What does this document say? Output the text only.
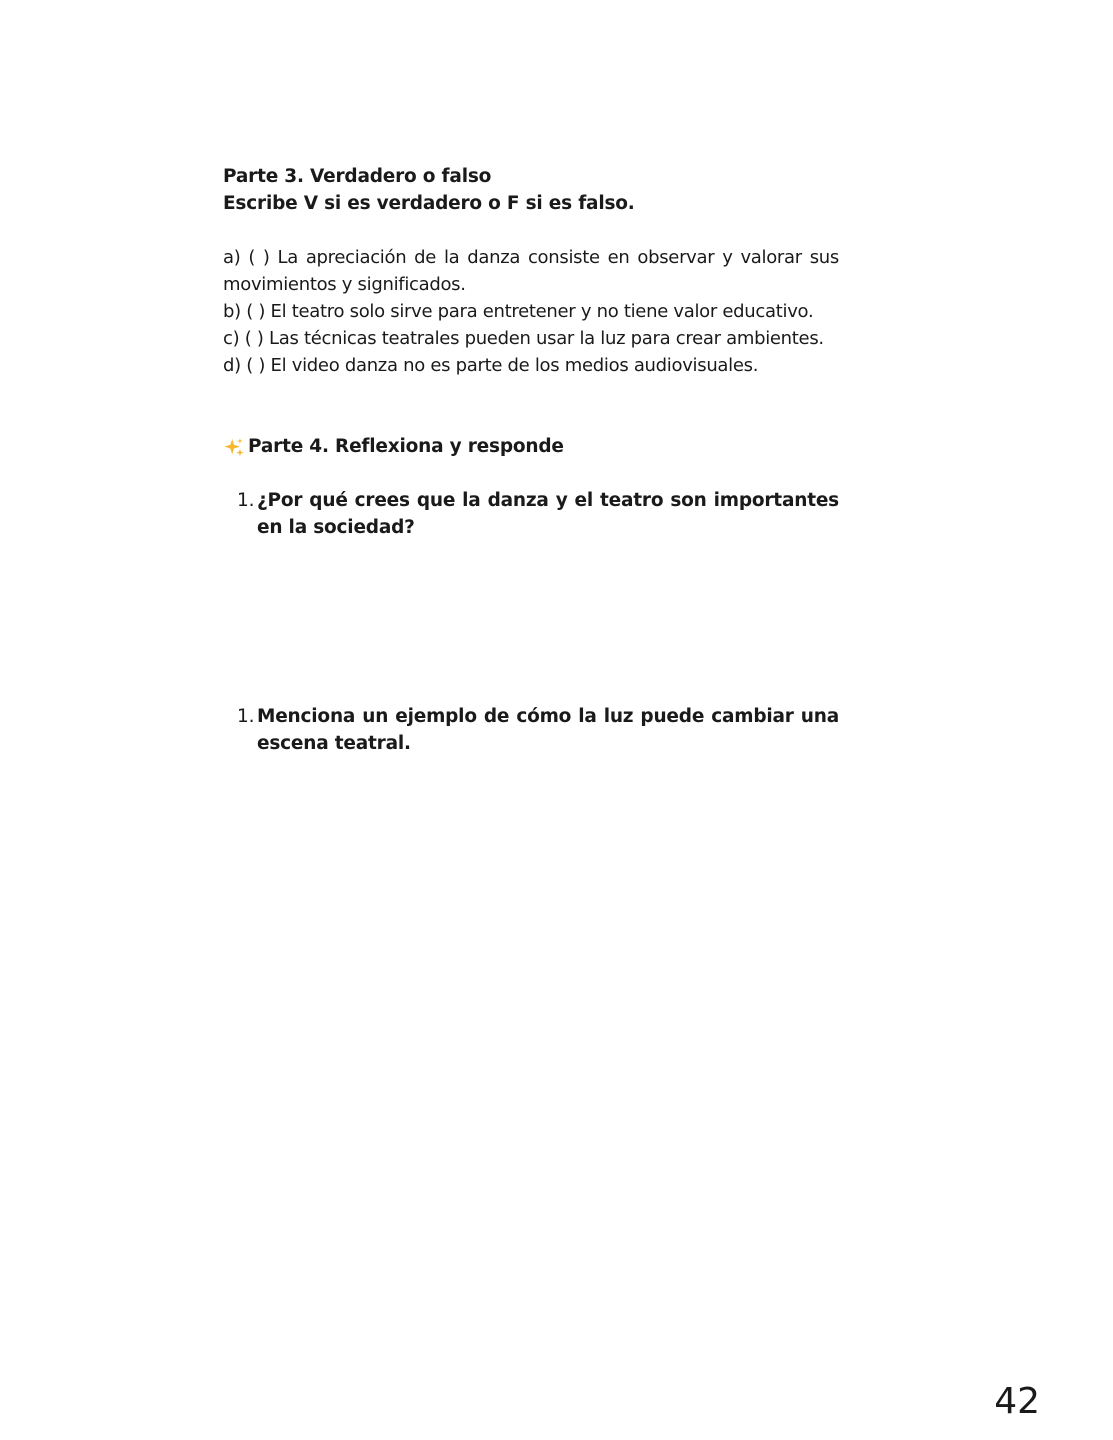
Parte 3. Verdadero o falso
Escribe V si es verdadero o F si es falso.
a) ( ) La apreciación de la danza consiste en observar y valorar sus movimientos y significados.
b) ( ) El teatro solo sirve para entretener y no tiene valor educativo.
c) ( ) Las técnicas teatrales pueden usar la luz para crear ambientes.
d) ( ) El video danza no es parte de los medios audiovisuales.
Parte 4. Reflexiona y responde
1. ¿Por qué crees que la danza y el teatro son importantes en la sociedad?
1. Menciona un ejemplo de cómo la luz puede cambiar una escena teatral.
42
